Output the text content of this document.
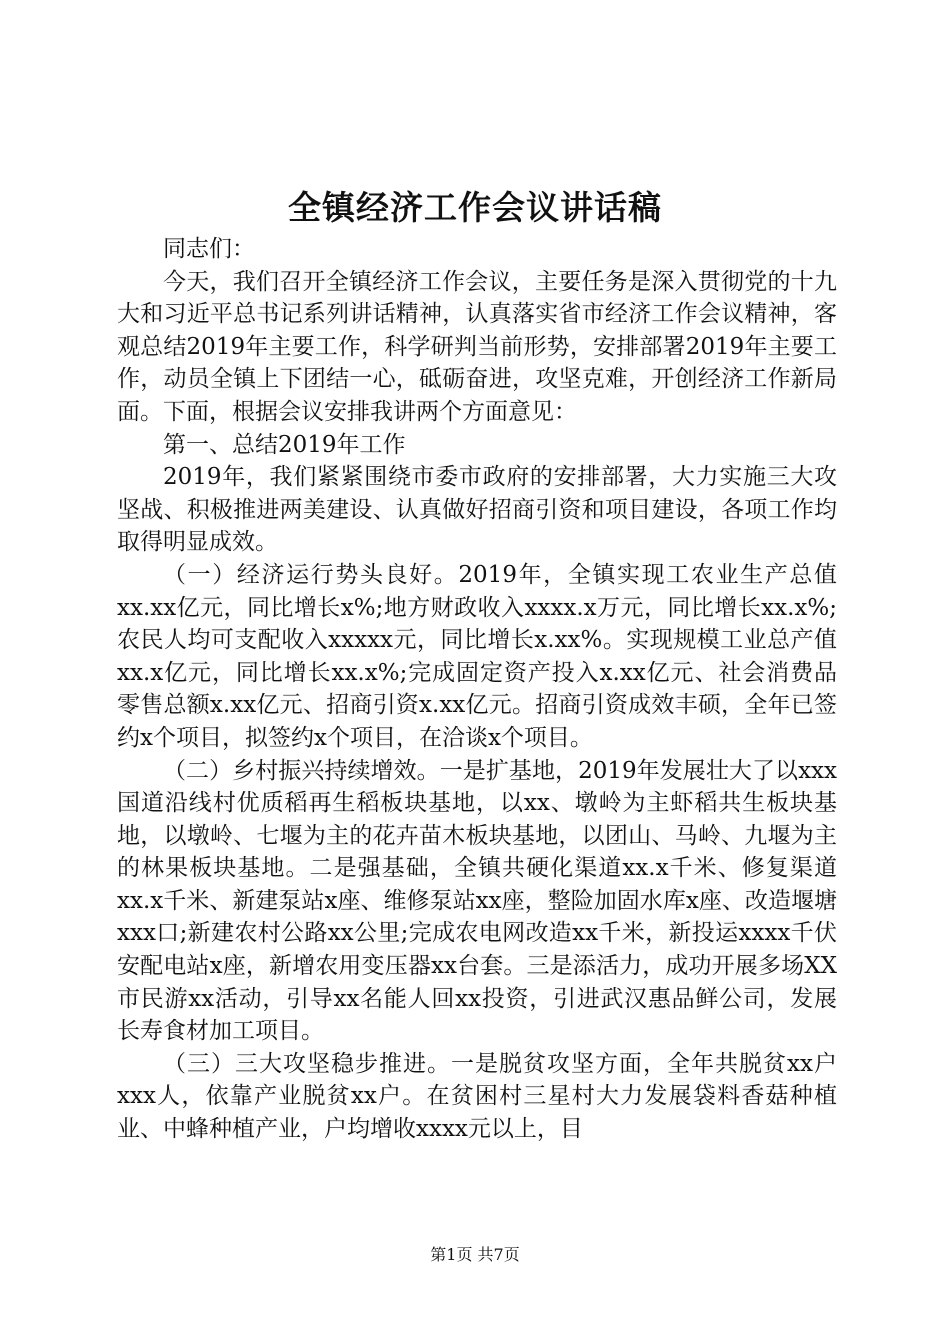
全镇经济工作会议讲话稿

同志们：

今天，我们召开全镇经济工作会议，主要任务是深入贯彻党的十九大和习近平总书记系列讲话精神，认真落实省市经济工作会议精神，客观总结2019年主要工作，科学研判当前形势，安排部署2019年主要工作，动员全镇上下团结一心，砥砺奋进，攻坚克难，开创经济工作新局面。下面，根据会议安排我讲两个方面意见：

第一、总结2019年工作

2019年，我们紧紧围绕市委市政府的安排部署，大力实施三大攻坚战、积极推进两美建设、认真做好招商引资和项目建设，各项工作均取得明显成效。

（一）经济运行势头良好。2019年，全镇实现工农业生产总值xx.xx亿元，同比增长x%;地方财政收入xxxx.x万元，同比增长xx.x%;农民人均可支配收入xxxxx元，同比增长x.xx%。实现规模工业总产值xx.x亿元，同比增长xx.x%;完成固定资产投入x.xx亿元、社会消费品零售总额x.xx亿元、招商引资x.xx亿元。招商引资成效丰硕，全年已签约x个项目，拟签约x个项目，在洽谈x个项目。

（二）乡村振兴持续增效。一是扩基地，2019年发展壮大了以xxx国道沿线村优质稻再生稻板块基地，以xx、墩岭为主虾稻共生板块基地，以墩岭、七堰为主的花卉苗木板块基地，以团山、马岭、九堰为主的林果板块基地。二是强基础，全镇共硬化渠道xx.x千米、修复渠道xx.x千米、新建泵站x座、维修泵站xx座，整险加固水库x座、改造堰塘xxx口;新建农村公路xx公里;完成农电网改造xx千米，新投运xxxx千伏安配电站x座，新增农用变压器xx台套。三是添活力，成功开展多场XX市民游xx活动，引导xx名能人回xx投资，引进武汉惠品鲜公司，发展长寿食材加工项目。

（三）三大攻坚稳步推进。一是脱贫攻坚方面，全年共脱贫xx户xxx人，依靠产业脱贫xx户。在贫困村三星村大力发展袋料香菇种植业、中蜂种植产业，户均增收xxxx元以上，目

第1页 共7页
